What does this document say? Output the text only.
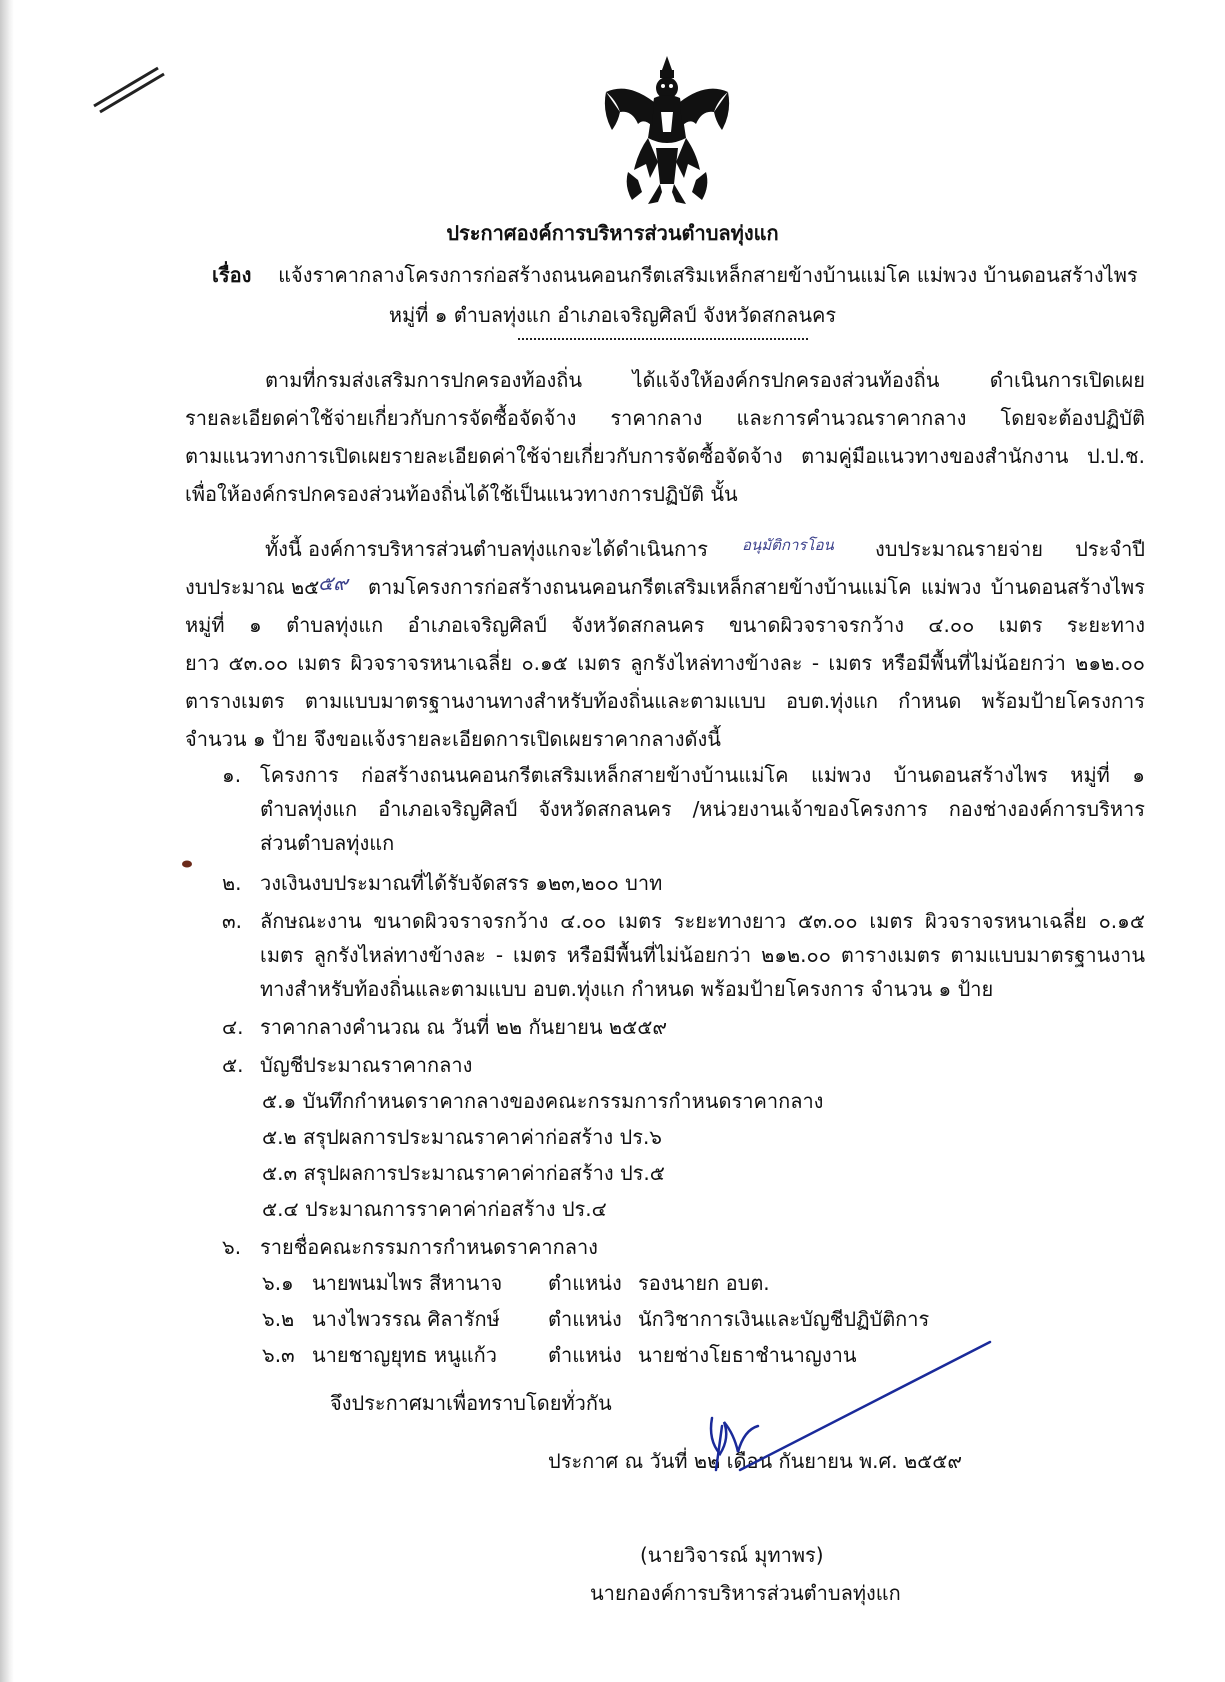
ประกาศองค์การบริหารส่วนตำบลทุ่งแก
เรื่อง แจ้งราคากลางโครงการก่อสร้างถนนคอนกรีตเสริมเหล็กสายข้างบ้านแม่โค แม่พวง บ้านดอนสร้างไพร
หมู่ที่ ๑ ตำบลทุ่งแก อำเภอเจริญศิลป์ จังหวัดสกลนคร
ตามที่กรมส่งเสริมการปกครองท้องถิ่น ได้แจ้งให้องค์กรปกครองส่วนท้องถิ่น ดำเนินการเปิดเผย
รายละเอียดค่าใช้จ่ายเกี่ยวกับการจัดซื้อจัดจ้าง ราคากลาง และการคำนวณราคากลาง โดยจะต้องปฏิบัติ
ตามแนวทางการเปิดเผยรายละเอียดค่าใช้จ่ายเกี่ยวกับการจัดซื้อจัดจ้าง ตามคู่มือแนวทางของสำนักงาน ป.ป.ช.
เพื่อให้องค์กรปกครองส่วนท้องถิ่นได้ใช้เป็นแนวทางการปฏิบัติ นั้น
ทั้งนี้ องค์การบริหารส่วนตำบลทุ่งแกจะได้ดำเนินการ อนุมัติการโอน งบประมาณรายจ่าย ประจำปี
งบประมาณ ๒๕
๕๙ ตามโครงการก่อสร้างถนนคอนกรีตเสริมเหล็กสายข้างบ้านแม่โค แม่พวง บ้านดอนสร้างไพร
หมู่ที่ ๑ ตำบลทุ่งแก อำเภอเจริญศิลป์ จังหวัดสกลนคร ขนาดผิวจราจรกว้าง ๔.๐๐ เมตร ระยะทาง
ยาว ๕๓.๐๐ เมตร ผิวจราจรหนาเฉลี่ย ๐.๑๕ เมตร ลูกรังไหล่ทางข้างละ - เมตร หรือมีพื้นที่ไม่น้อยกว่า ๒๑๒.๐๐
ตารางเมตร ตามแบบมาตรฐานงานทางสำหรับท้องถิ่นและตามแบบ อบต.ทุ่งแก กำหนด พร้อมป้ายโครงการ
จำนวน ๑ ป้าย จึงขอแจ้งรายละเอียดการเปิดเผยราคากลางดังนี้
๑. โครงการ ก่อสร้างถนนคอนกรีตเสริมเหล็กสายข้างบ้านแม่โค แม่พวง บ้านดอนสร้างไพร หมู่ที่ ๑
ตำบลทุ่งแก อำเภอเจริญศิลป์ จังหวัดสกลนคร /หน่วยงานเจ้าของโครงการ กองช่างองค์การบริหาร
ส่วนตำบลทุ่งแก
๒. วงเงินงบประมาณที่ได้รับจัดสรร ๑๒๓,๒๐๐ บาท
๓. ลักษณะงาน ขนาดผิวจราจรกว้าง ๔.๐๐ เมตร ระยะทางยาว ๕๓.๐๐ เมตร ผิวจราจรหนาเฉลี่ย ๐.๑๕
เมตร ลูกรังไหล่ทางข้างละ - เมตร หรือมีพื้นที่ไม่น้อยกว่า ๒๑๒.๐๐ ตารางเมตร ตามแบบมาตรฐานงาน
ทางสำหรับท้องถิ่นและตามแบบ อบต.ทุ่งแก กำหนด พร้อมป้ายโครงการ จำนวน ๑ ป้าย
๔. ราคากลางคำนวณ ณ วันที่ ๒๒ กันยายน ๒๕๕๙
๕. บัญชีประมาณราคากลาง
๕.๑ บันทึกกำหนดราคากลางของคณะกรรมการกำหนดราคากลาง
๕.๒ สรุปผลการประมาณราคาค่าก่อสร้าง ปร.๖
๕.๓ สรุปผลการประมาณราคาค่าก่อสร้าง ปร.๕
๕.๔ ประมาณการราคาค่าก่อสร้าง ปร.๔
๖. รายชื่อคณะกรรมการกำหนดราคากลาง
๖.๑ นายพนมไพร สีหานาจ ตำแหน่ง รองนายก อบต.
๖.๒ นางไพวรรณ ศิลารักษ์ ตำแหน่ง นักวิชาการเงินและบัญชีปฏิบัติการ
๖.๓ นายชาญยุทธ หนูแก้ว	ตำแหน่ง นายช่างโยธาชำนาญงาน
จึงประกาศมาเพื่อทราบโดยทั่วกัน
ประกาศ ณ วันที่ ๒๒ เดือน กันยายน พ.ศ. ๒๕๕๙
(นายวิจารณ์ มุทาพร)
นายกองค์การบริหารส่วนตำบลทุ่งแก
